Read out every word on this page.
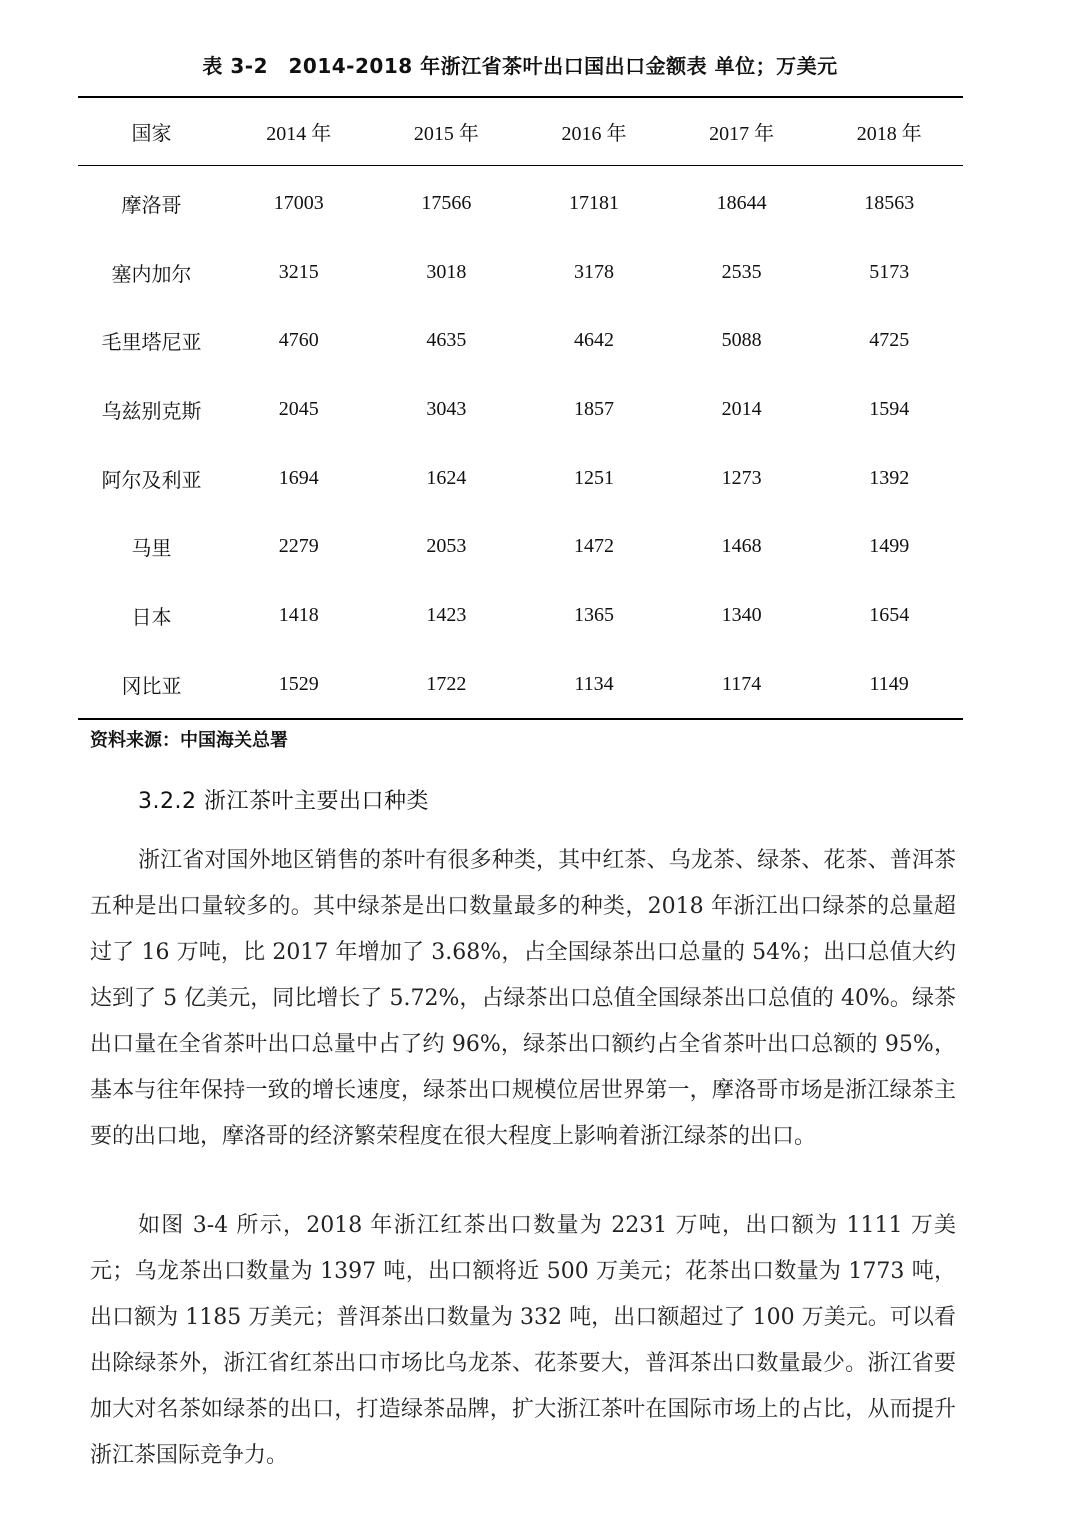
表 3-2　2014-2018 年浙江省茶叶出口国出口金额表 单位；万美元
国家	2014 年	2015 年	2016 年	2017 年	2018 年

摩洛哥	17003	17566	17181	18644	18563
塞内加尔	3215	3018	3178	2535	5173
毛里塔尼亚	4760	4635	4642	5088	4725
乌兹别克斯	2045	3043	1857	2014	1594
阿尔及利亚	1694	1624	1251	1273	1392
马里	2279	2053	1472	1468	1499
日本	1418	1423	1365	1340	1654
冈比亚	1529	1722	1134	1174	1149
资料来源：中国海关总署
3.2.2 浙江茶叶主要出口种类

浙江省对国外地区销售的茶叶有很多种类，其中红茶、乌龙茶、绿茶、花茶、普洱茶五种是出口量较多的。其中绿茶是出口数量最多的种类，2018 年浙江出口绿茶的总量超过了 16 万吨，比 2017 年增加了 3.68%，占全国绿茶出口总量的 54%；出口总值大约达到了 5 亿美元，同比增长了 5.72%，占绿茶出口总值全国绿茶出口总值的 40%。绿茶出口量在全省茶叶出口总量中占了约 96%，绿茶出口额约占全省茶叶出口总额的 95%，基本与往年保持一致的增长速度，绿茶出口规模位居世界第一，摩洛哥市场是浙江绿茶主要的出口地，摩洛哥的经济繁荣程度在很大程度上影响着浙江绿茶的出口。

如图 3-4 所示，2018 年浙江红茶出口数量为 2231 万吨，出口额为 1111 万美元；乌龙茶出口数量为 1397 吨，出口额将近 500 万美元；花茶出口数量为 1773 吨，出口额为 1185 万美元；普洱茶出口数量为 332 吨，出口额超过了 100 万美元。可以看出除绿茶外，浙江省红茶出口市场比乌龙茶、花茶要大，普洱茶出口数量最少。浙江省要加大对名茶如绿茶的出口，打造绿茶品牌，扩大浙江茶叶在国际市场上的占比，从而提升浙江茶国际竞争力。
